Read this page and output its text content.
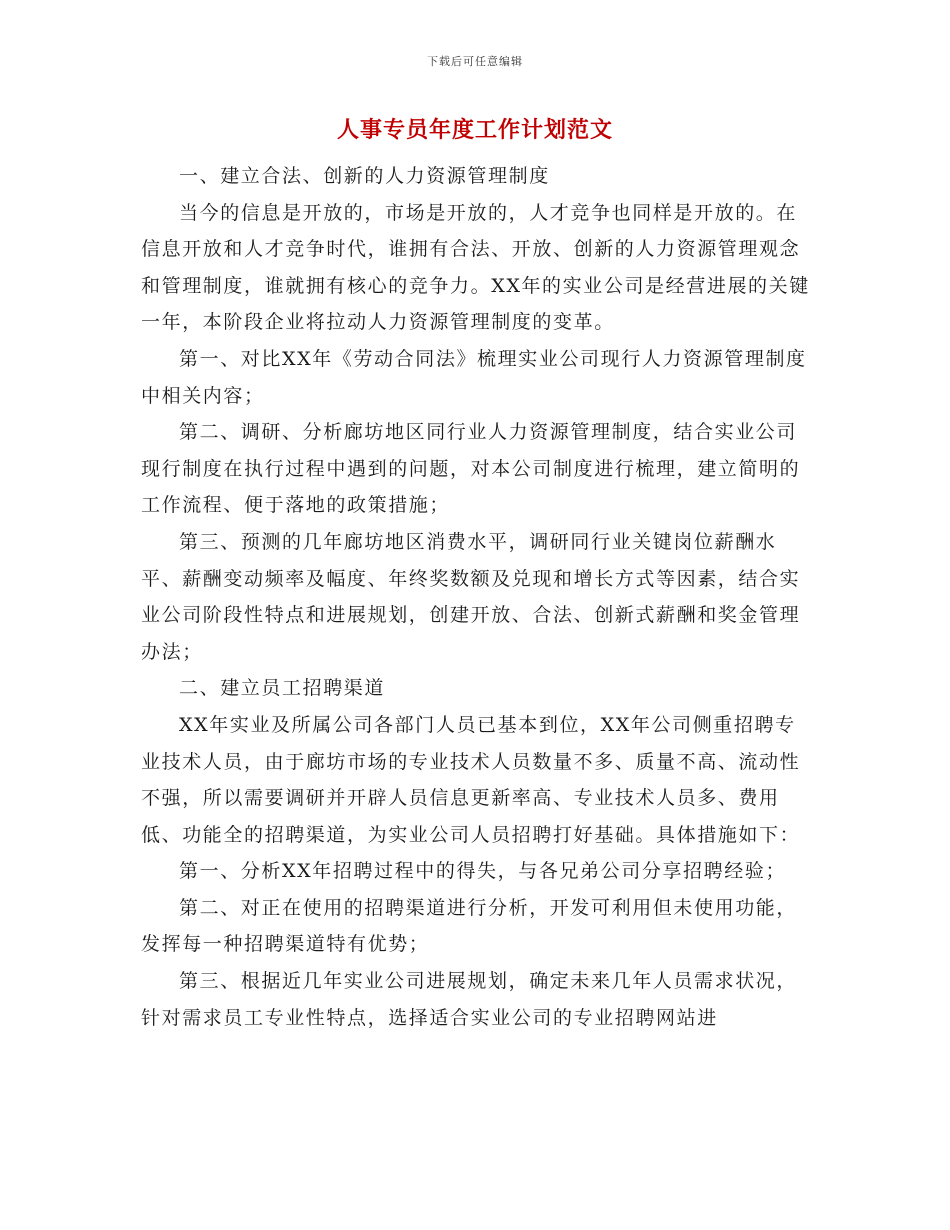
下载后可任意编辑
人事专员年度工作计划范文

一、建立合法、创新的人力资源管理制度

当今的信息是开放的，市场是开放的，人才竞争也同样是开放的。在信息开放和人才竞争时代，谁拥有合法、开放、创新的人力资源管理观念和管理制度，谁就拥有核心的竞争力。XX年的实业公司是经营进展的关键一年，本阶段企业将拉动人力资源管理制度的变革。

第一、对比XX年《劳动合同法》梳理实业公司现行人力资源管理制度中相关内容；

第二、调研、分析廊坊地区同行业人力资源管理制度，结合实业公司现行制度在执行过程中遇到的问题，对本公司制度进行梳理，建立简明的工作流程、便于落地的政策措施；

第三、预测的几年廊坊地区消费水平，调研同行业关键岗位薪酬水平、薪酬变动频率及幅度、年终奖数额及兑现和增长方式等因素，结合实业公司阶段性特点和进展规划，创建开放、合法、创新式薪酬和奖金管理办法；

二、建立员工招聘渠道

XX年实业及所属公司各部门人员已基本到位，XX年公司侧重招聘专业技术人员，由于廊坊市场的专业技术人员数量不多、质量不高、流动性不强，所以需要调研并开辟人员信息更新率高、专业技术人员多、费用低、功能全的招聘渠道，为实业公司人员招聘打好基础。具体措施如下：

第一、分析XX年招聘过程中的得失，与各兄弟公司分享招聘经验；

第二、对正在使用的招聘渠道进行分析，开发可利用但未使用功能，发挥每一种招聘渠道特有优势；

第三、根据近几年实业公司进展规划，确定未来几年人员需求状况，针对需求员工专业性特点，选择适合实业公司的专业招聘网站进
